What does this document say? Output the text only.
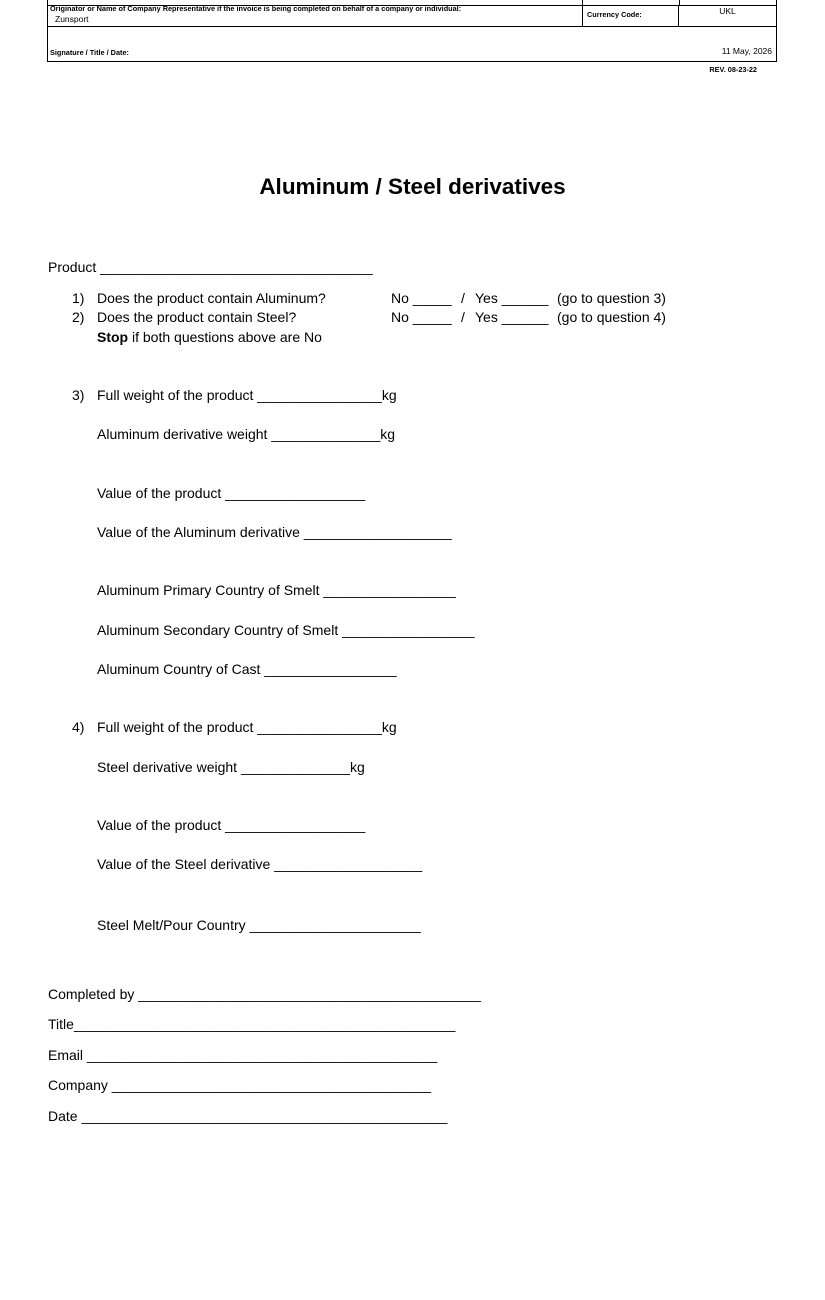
Originator or Name of Company Representative if the invoice is being completed on behalf of a company or individual:
Zunsport	Currency Code:	UKL
Signature / Title / Date:	11 May, 2026
REV. 08-23-22
Aluminum / Steel derivatives
Product ___________________________________
1) Does the product contain Aluminum?	No _____ / Yes ______ (go to question 3)
2) Does the product contain Steel?	No _____ / Yes ______ (go to question 4)
Stop if both questions above are No
3) Full weight of the product ________________kg
Aluminum derivative weight ______________kg
Value of the product __________________
Value of the Aluminum derivative ___________________
Aluminum Primary Country of Smelt _________________
Aluminum Secondary Country of Smelt _________________
Aluminum Country of Cast _________________
4) Full weight of the product ________________kg
Steel derivative weight ______________kg
Value of the product __________________
Value of the Steel derivative ___________________
Steel Melt/Pour Country ______________________
Completed by ____________________________________________
Title_________________________________________________
Email _____________________________________________
Company _________________________________________
Date _______________________________________________
